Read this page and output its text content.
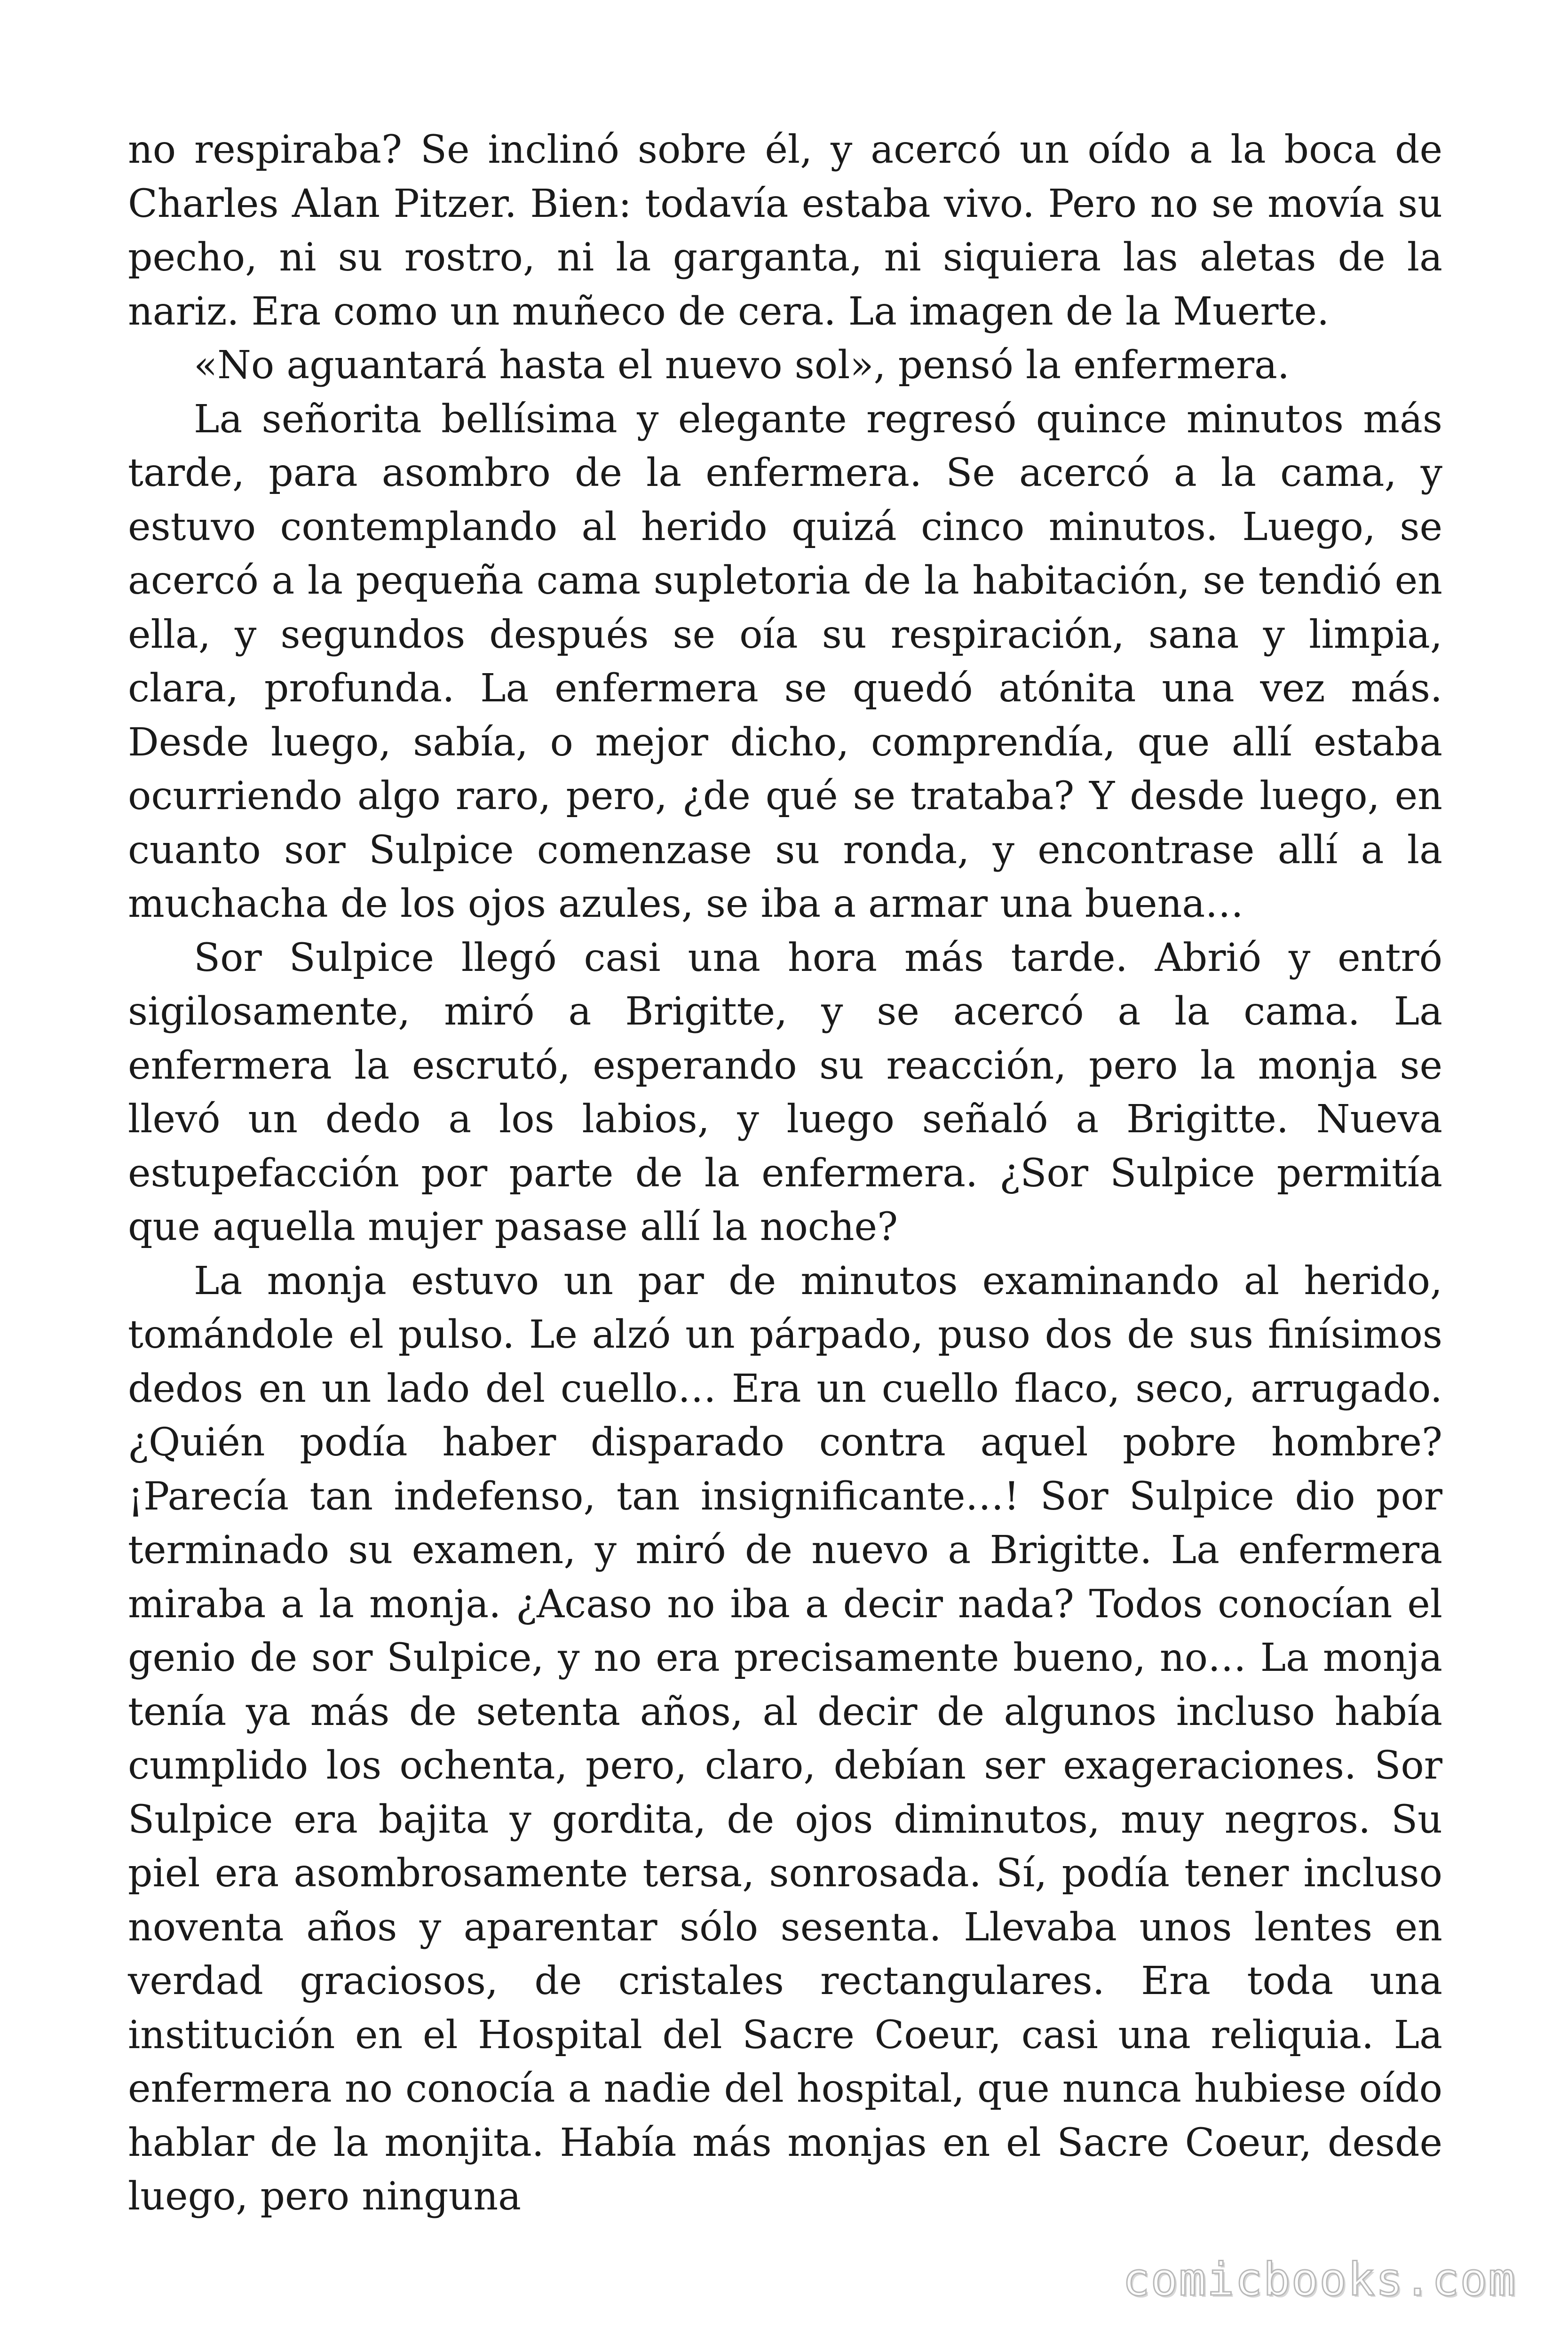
no respiraba? Se inclinó sobre él, y acercó un oído a la boca de Charles Alan Pitzer. Bien: todavía estaba vivo. Pero no se movía su pecho, ni su rostro, ni la garganta, ni siquiera las aletas de la nariz. Era como un muñeco de cera. La imagen de la Muerte.

«No aguantará hasta el nuevo sol», pensó la enfermera.

La señorita bellísima y elegante regresó quince minutos más tarde, para asombro de la enfermera. Se acercó a la cama, y estuvo contemplando al herido quizá cinco minutos. Luego, se acercó a la pequeña cama supletoria de la habitación, se tendió en ella, y segundos después se oía su respiración, sana y limpia, clara, profunda. La enfermera se quedó atónita una vez más. Desde luego, sabía, o mejor dicho, comprendía, que allí estaba ocurriendo algo raro, pero, ¿de qué se trataba? Y desde luego, en cuanto sor Sulpice comenzase su ronda, y encontrase allí a la muchacha de los ojos azules, se iba a armar una buena…

Sor Sulpice llegó casi una hora más tarde. Abrió y entró sigilosamente, miró a Brigitte, y se acercó a la cama. La enfermera la escrutó, esperando su reacción, pero la monja se llevó un dedo a los labios, y luego señaló a Brigitte. Nueva estupefacción por parte de la enfermera. ¿Sor Sulpice permitía que aquella mujer pasase allí la noche?

La monja estuvo un par de minutos examinando al herido, tomándole el pulso. Le alzó un párpado, puso dos de sus finísimos dedos en un lado del cuello… Era un cuello flaco, seco, arrugado. ¿Quién podía haber disparado contra aquel pobre hombre? ¡Parecía tan indefenso, tan insignificante…! Sor Sulpice dio por terminado su examen, y miró de nuevo a Brigitte. La enfermera miraba a la monja. ¿Acaso no iba a decir nada? Todos conocían el genio de sor Sulpice, y no era precisamente bueno, no… La monja tenía ya más de setenta años, al decir de algunos incluso había cumplido los ochenta, pero, claro, debían ser exageraciones. Sor Sulpice era bajita y gordita, de ojos diminutos, muy negros. Su piel era asombrosamente tersa, sonrosada. Sí, podía tener incluso noventa años y aparentar sólo sesenta. Llevaba unos lentes en verdad graciosos, de cristales rectangulares. Era toda una institución en el Hospital del Sacre Coeur, casi una reliquia. La enfermera no conocía a nadie del hospital, que nunca hubiese oído hablar de la monjita. Había más monjas en el Sacre Coeur, desde luego, pero ninguna

comicbooks.com
